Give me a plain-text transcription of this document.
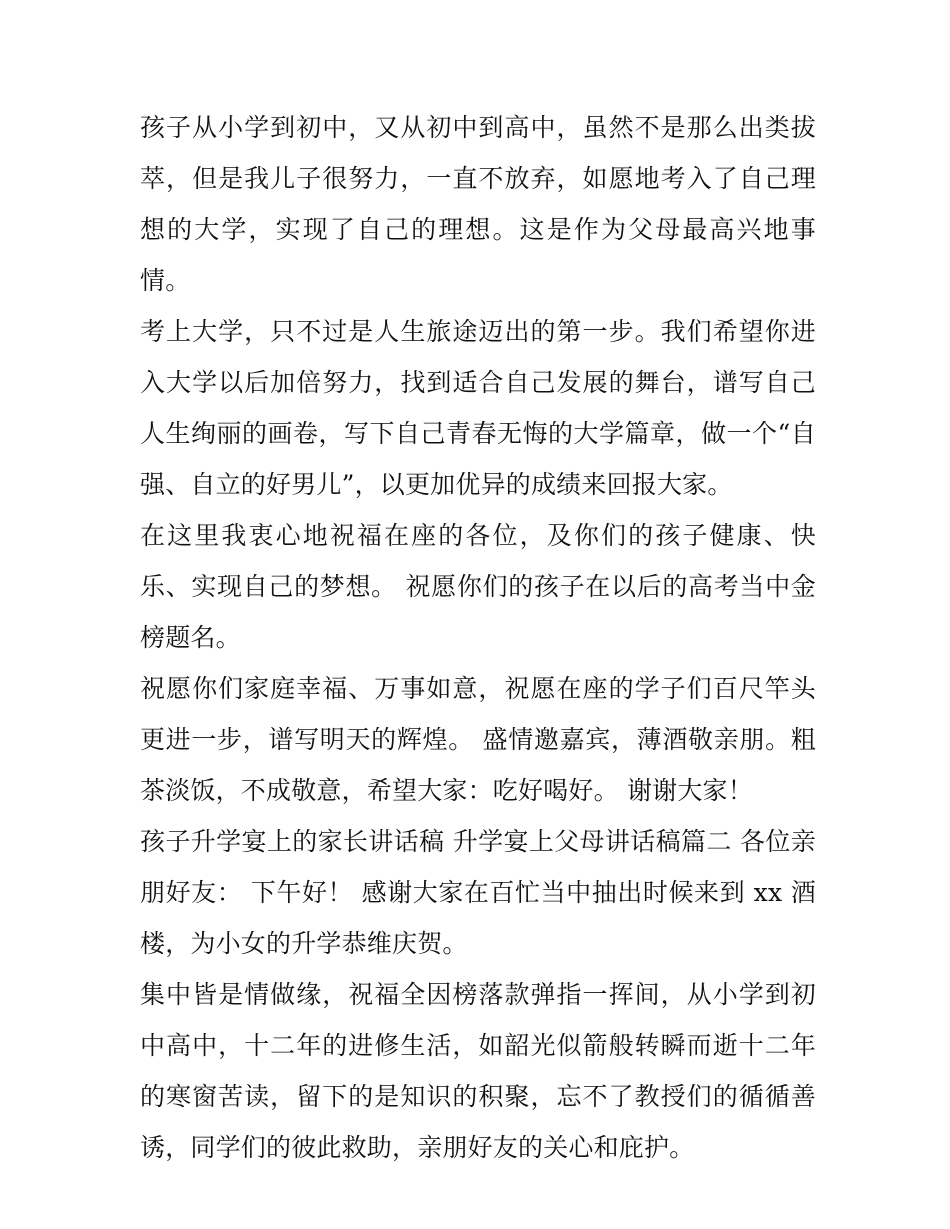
孩子从小学到初中，又从初中到高中，虽然不是那么出类拔萃，但是我儿子很努力，一直不放弃，如愿地考入了自己理想的大学，实现了自己的理想。这是作为父母最高兴地事情。

考上大学，只不过是人生旅途迈出的第一步。我们希望你进入大学以后加倍努力，找到适合自己发展的舞台，谱写自己人生绚丽的画卷，写下自己青春无悔的大学篇章，做一个“自强、自立的好男儿”，以更加优异的成绩来回报大家。

在这里我衷心地祝福在座的各位，及你们的孩子健康、快乐、实现自己的梦想。 祝愿你们的孩子在以后的高考当中金榜题名。

祝愿你们家庭幸福、万事如意，祝愿在座的学子们百尺竿头更进一步，谱写明天的辉煌。 盛情邀嘉宾，薄酒敬亲朋。粗茶淡饭，不成敬意，希望大家：吃好喝好。 谢谢大家！

孩子升学宴上的家长讲话稿 升学宴上父母讲话稿篇二 各位亲朋好友： 下午好！ 感谢大家在百忙当中抽出时候来到 xx 酒楼，为小女的升学恭维庆贺。

集中皆是情做缘，祝福全因榜落款弹指一挥间，从小学到初中高中，十二年的进修生活，如韶光似箭般转瞬而逝十二年的寒窗苦读，留下的是知识的积聚，忘不了教授们的循循善诱，同学们的彼此救助，亲朋好友的关心和庇护。
